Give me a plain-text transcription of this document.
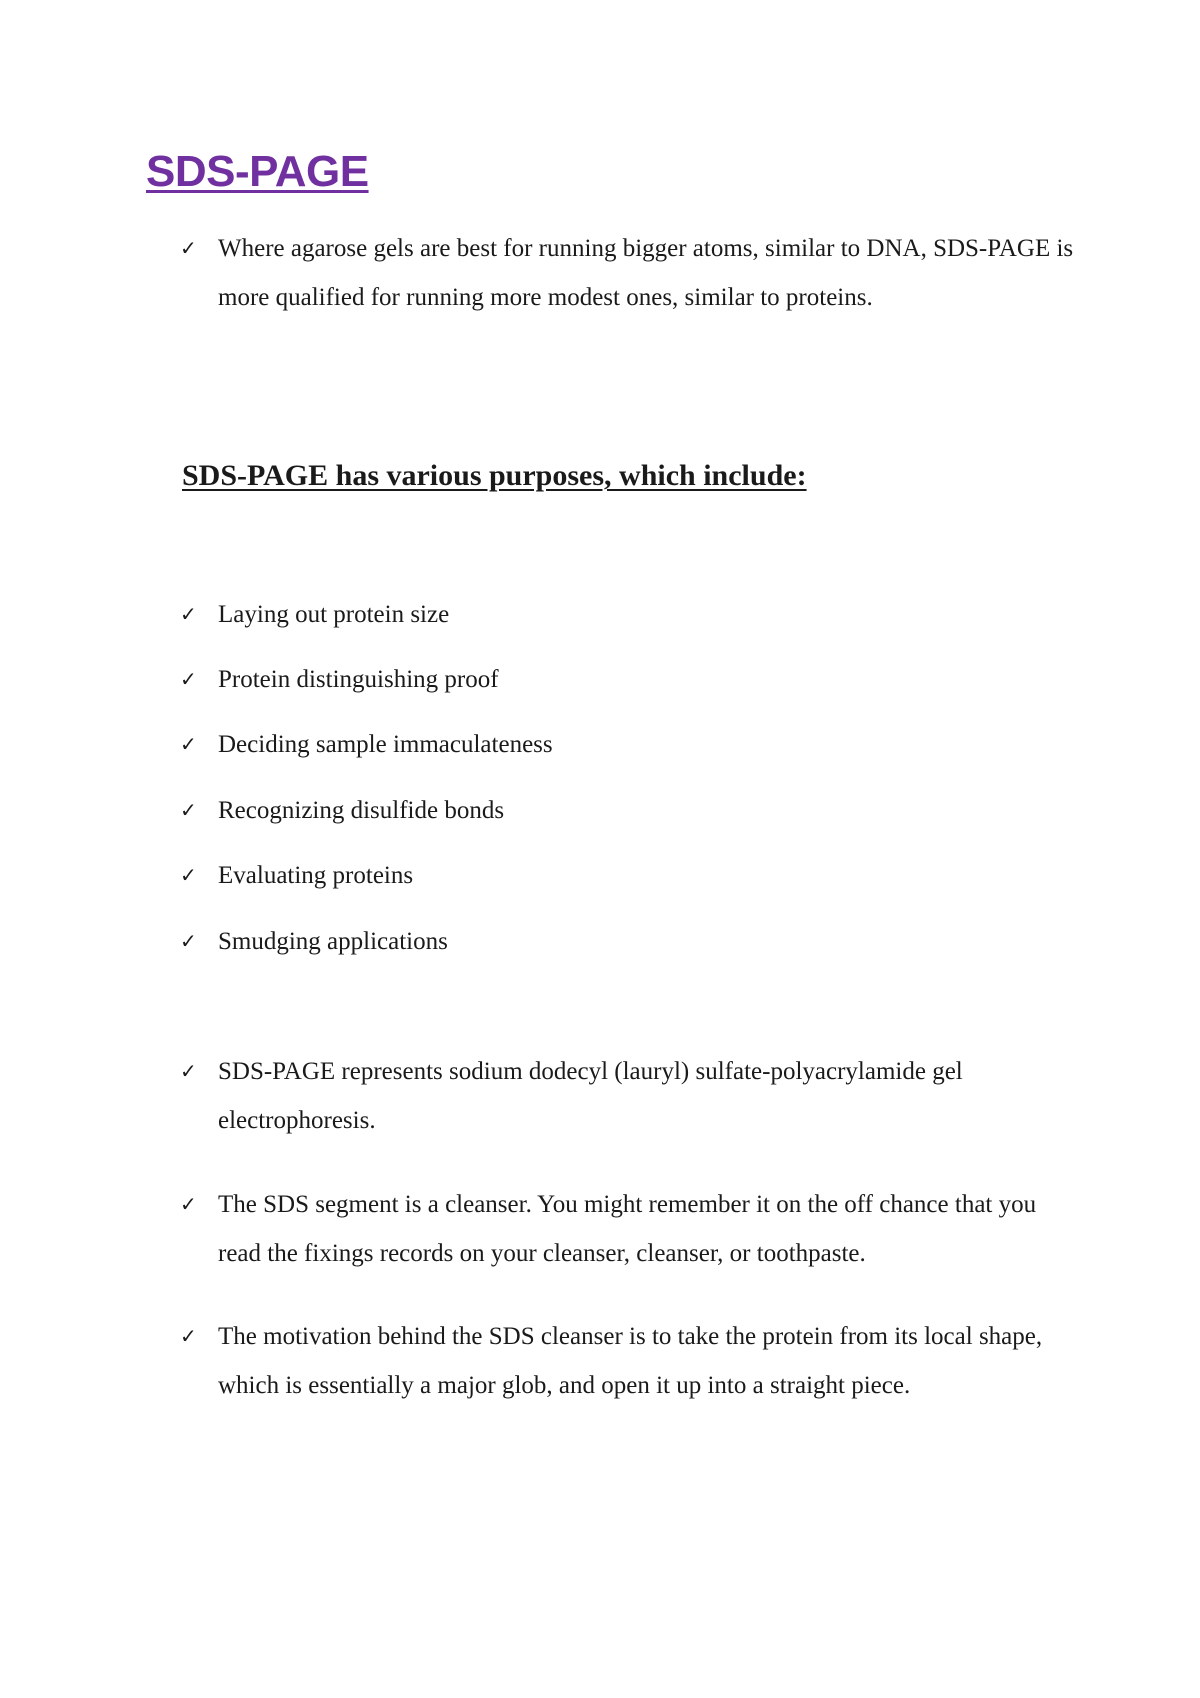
SDS-PAGE
✓ Where agarose gels are best for running bigger atoms, similar to DNA, SDS-PAGE is more qualified for running more modest ones, similar to proteins.
SDS-PAGE has various purposes, which include:
✓ Laying out protein size
✓ Protein distinguishing proof
✓ Deciding sample immaculateness
✓ Recognizing disulfide bonds
✓ Evaluating proteins
✓ Smudging applications
✓ SDS-PAGE represents sodium dodecyl (lauryl) sulfate-polyacrylamide gel electrophoresis.
✓ The SDS segment is a cleanser. You might remember it on the off chance that you read the fixings records on your cleanser, cleanser, or toothpaste.
✓ The motivation behind the SDS cleanser is to take the protein from its local shape, which is essentially a major glob, and open it up into a straight piece.
